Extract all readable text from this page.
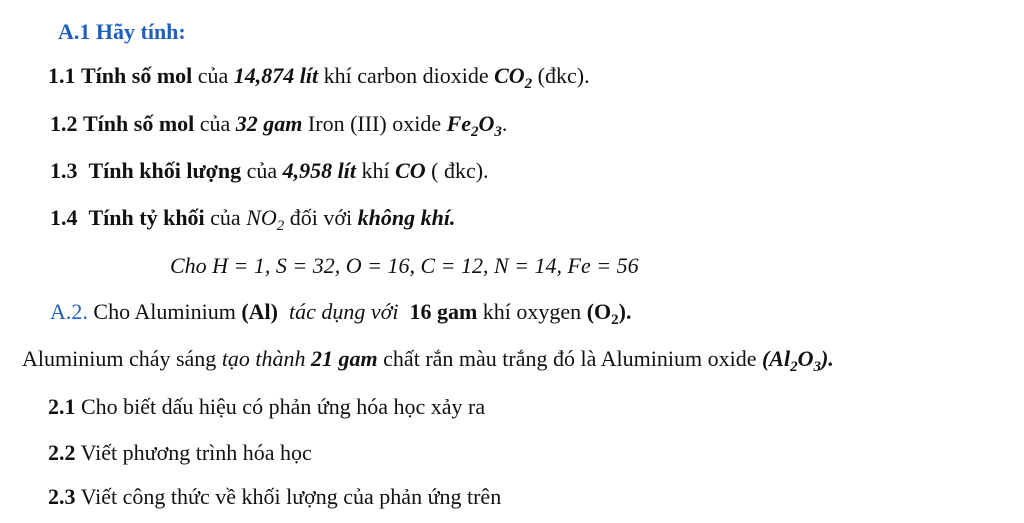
A.1 Hãy tính:
1.1 Tính số mol của 14,874 lít khí carbon dioxide $CO_2$ (đkc).
1.2 Tính số mol của 32 gam Iron (III) oxide $Fe_2O_3$.
1.3 Tính khối lượng của 4,958 lít khí CO ( đkc).
1.4 Tính tỷ khối của $NO_2$ đối với không khí.
Cho H = 1, S = 32, O = 16, C = 12, N = 14, Fe = 56
A.2. Cho Aluminium (Al)  tác dụng với  16 gam khí oxygen $(O_2)$.
Aluminium cháy sáng tạo thành 21 gam chất rắn màu trắng đó là Aluminium oxide $(Al_2O_3)$.
2.1 Cho biết dấu hiệu có phản ứng hóa học xảy ra
2.2 Viết phương trình hóa học
2.3 Viết công thức về khối lượng của phản ứng trên
